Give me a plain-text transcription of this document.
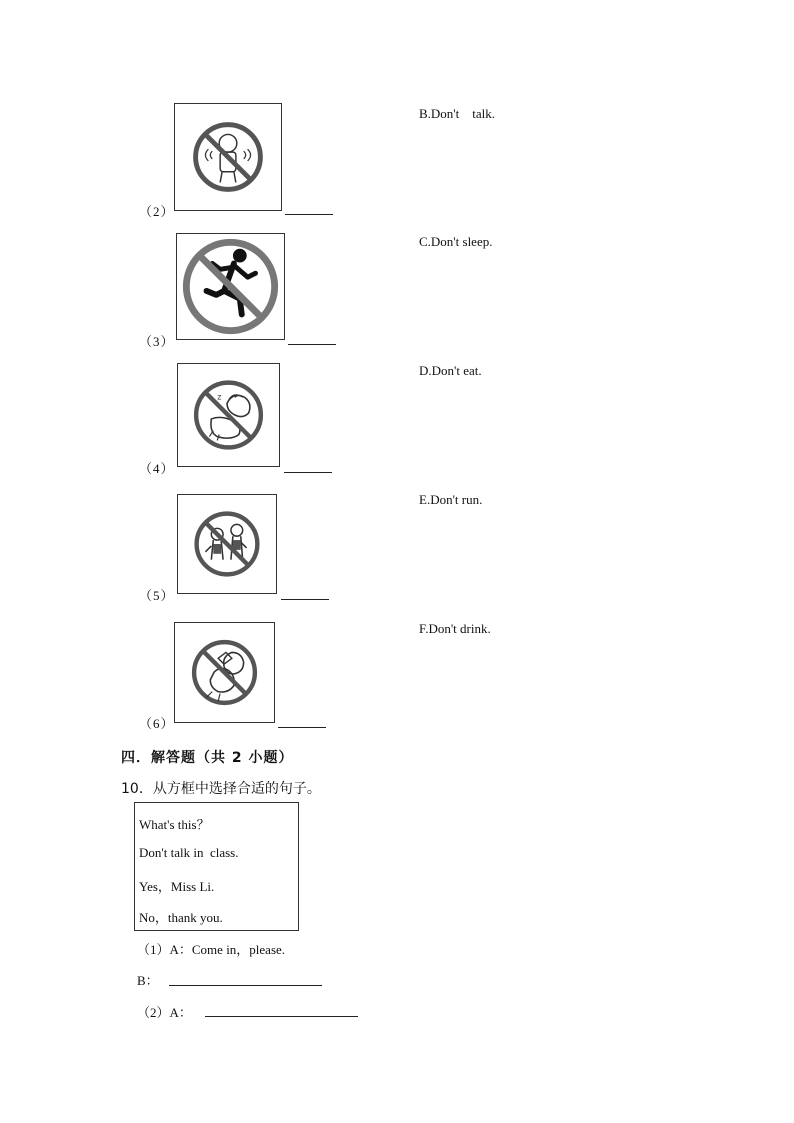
（2）
B.Don't    talk.
（3）
C.Don't sleep.
z
（4）
D.Don't eat.
（5）
E.Don't run.
（6）
F.Don't drink.
四．解答题（共 2 小题）
10．从方框中选择合适的句子。
What's this？
Don't talk in  class.
Yes，Miss Li.
No，thank you.
（1）A：Come in，please.
B：
（2）A：
